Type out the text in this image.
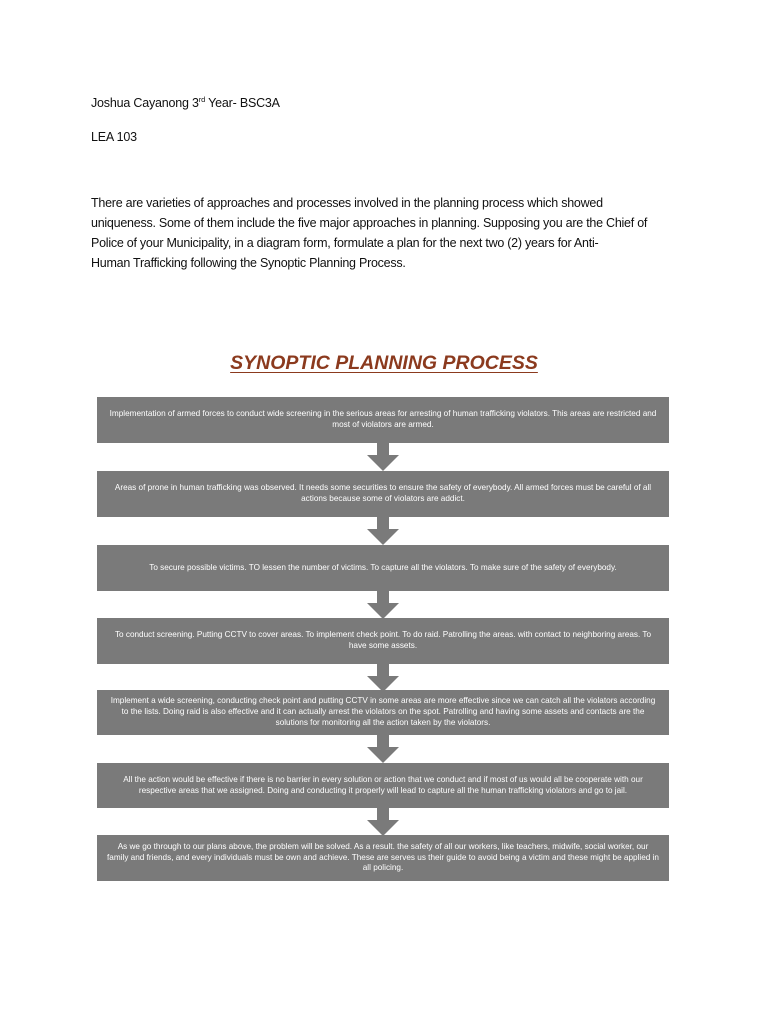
Joshua Cayanong 3rd Year- BSC3A
LEA 103
There are varieties of approaches and processes involved in the planning process which showed
uniqueness. Some of them include the five major approaches in planning. Supposing you are the Chief of
Police of your Municipality, in a diagram form, formulate a plan for the next two (2) years for Anti-
Human Trafficking following the Synoptic Planning Process.
SYNOPTIC PLANNING PROCESS
Implementation of armed forces to conduct wide screening in the serious areas for arresting of human trafficking violators. This areas are restricted and most of violators are armed.
Areas of prone in human trafficking was observed. It needs some securities to ensure the safety of everybody. All armed forces must be careful of all actions because some of violators are addict.
To secure possible victims. TO lessen the number of victims. To capture all the violators. To make sure of the safety of everybody.
To conduct screening. Putting CCTV to cover areas. To implement check point. To do raid. Patrolling the areas. with contact to neighboring areas. To have some assets.
Implement a wide screening, conducting check point and putting CCTV in some areas are more effective since we can catch all the violators according to the lists. Doing raid is also effective and it can actually arrest the violators on the spot. Patrolling and having some assets and contacts are the solutions for monitoring all the action taken by the violators.
All the action would be effective if there is no barrier in every solution or action that we conduct and if most of us would all be cooperate with our respective areas that we assigned. Doing and conducting it properly will lead to capture all the human trafficking violators and go to jail.
As we go through to our plans above, the problem will be solved. As a result. the safety of all our workers, like teachers, midwife, social worker, our family and friends, and every individuals must be own and achieve. These are serves us their guide to avoid being a victim and these might be applied in all policing.
